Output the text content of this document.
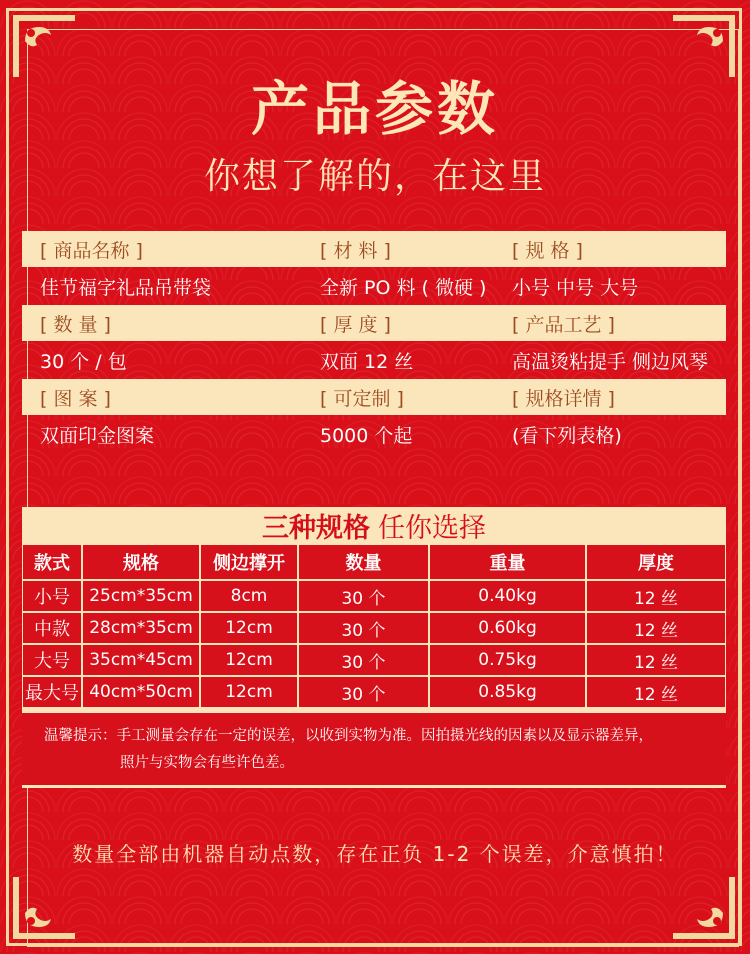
产品参数
你想了解的，在这里
[ 商品名称 ]	[ 材 料 ]	[ 规 格 ]
佳节福字礼品吊带袋	全新 PO 料 ( 微硬 )	小号 中号 大号
[ 数 量 ]	[ 厚 度 ]	[ 产品工艺 ]
30 个 / 包	双面 12 丝	高温烫粘提手 侧边风琴
[ 图 案 ]	[ 可定制 ]	[ 规格详情 ]
双面印金图案	5000 个起	(看下列表格)
三种规格 任你选择
款式	规格	侧边撑开	数量	重量	厚度
小号	25cm*35cm	8cm	30 个	0.40kg	12 丝
中款	28cm*35cm	12cm	30 个	0.60kg	12 丝
大号	35cm*45cm	12cm	30 个	0.75kg	12 丝
最大号	40cm*50cm	12cm	30 个	0.85kg	12 丝
温馨提示：手工测量会存在一定的误差，以收到实物为准。因拍摄光线的因素以及显示器差异，
照片与实物会有些许色差。
数量全部由机器自动点数，存在正负 1-2 个误差，介意慎拍！
